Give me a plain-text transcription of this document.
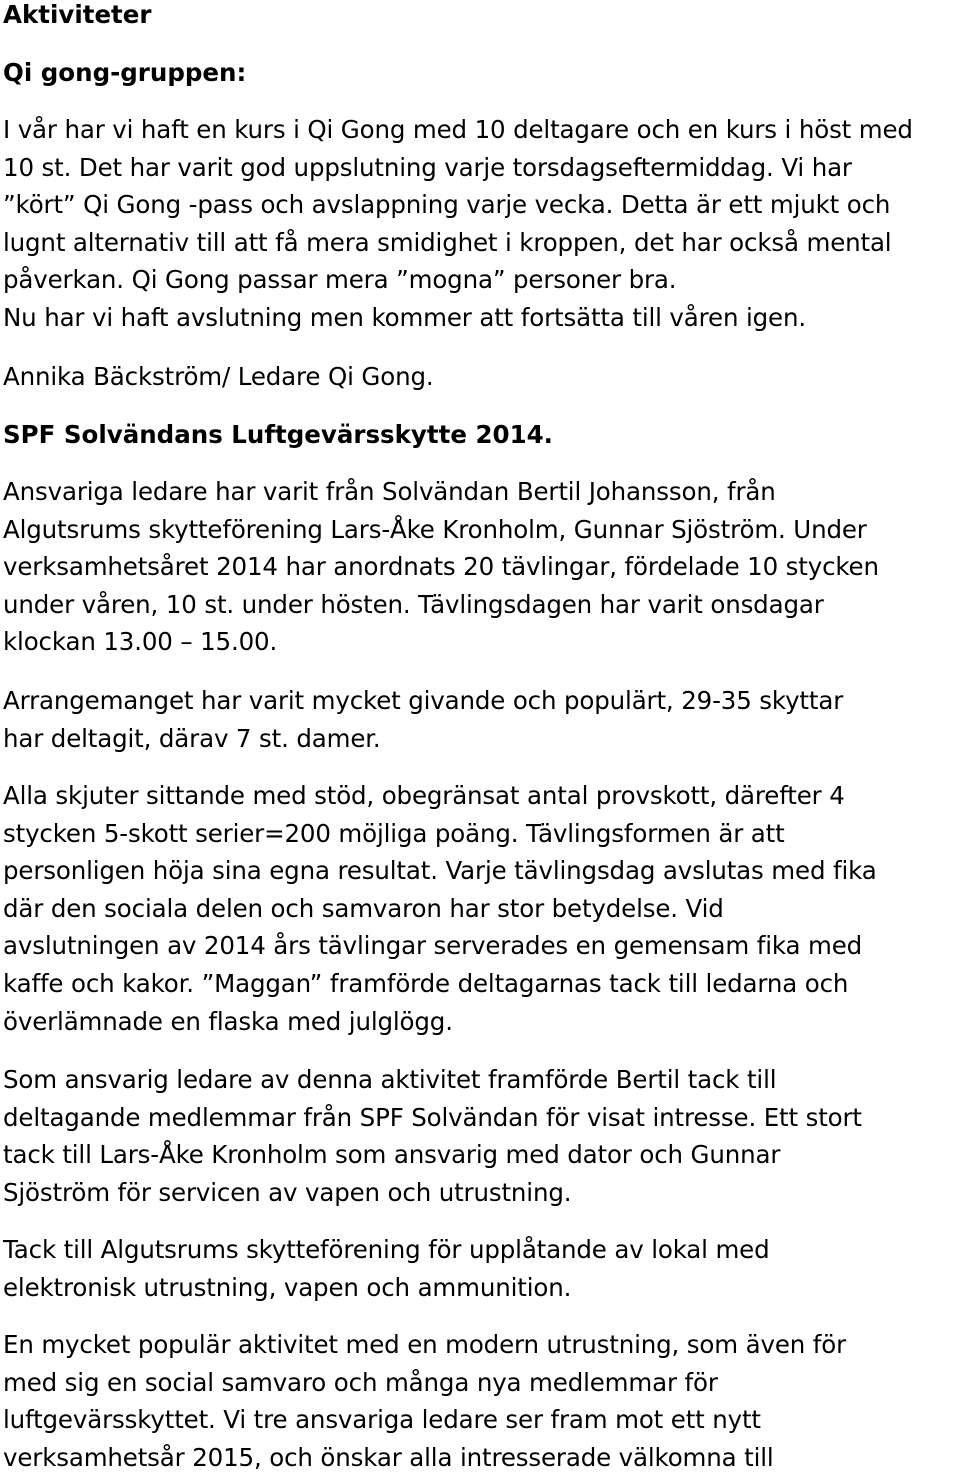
Aktiviteter
Qi gong-gruppen:
I vår har vi haft en kurs i Qi Gong med 10 deltagare och en kurs i höst med
10 st. Det har varit god uppslutning varje torsdagseftermiddag. Vi har
”kört” Qi Gong -pass och avslappning varje vecka. Detta är ett mjukt och
lugnt alternativ till att få mera smidighet i kroppen, det har också mental
påverkan. Qi Gong passar mera ”mogna” personer bra.
Nu har vi haft avslutning men kommer att fortsätta till våren igen.
Annika Bäckström/ Ledare Qi Gong.
SPF Solvändans Luftgevärsskytte 2014.
Ansvariga ledare har varit från Solvändan Bertil Johansson, från
Algutsrums skytteförening Lars-Åke Kronholm, Gunnar Sjöström. Under
verksamhetsåret 2014 har anordnats 20 tävlingar, fördelade 10 stycken
under våren, 10 st. under hösten. Tävlingsdagen har varit onsdagar
klockan 13.00 – 15.00.
Arrangemanget har varit mycket givande och populärt, 29-35 skyttar
har deltagit, därav 7 st. damer.
Alla skjuter sittande med stöd, obegränsat antal provskott, därefter 4
stycken 5-skott serier=200 möjliga poäng. Tävlingsformen är att
personligen höja sina egna resultat. Varje tävlingsdag avslutas med fika
där den sociala delen och samvaron har stor betydelse. Vid
avslutningen av 2014 års tävlingar serverades en gemensam fika med
kaffe och kakor. ”Maggan” framförde deltagarnas tack till ledarna och
överlämnade en flaska med julglögg.
Som ansvarig ledare av denna aktivitet framförde Bertil tack till
deltagande medlemmar från SPF Solvändan för visat intresse. Ett stort
tack till Lars-Åke Kronholm som ansvarig med dator och Gunnar
Sjöström för servicen av vapen och utrustning.
Tack till Algutsrums skytteförening för upplåtande av lokal med
elektronisk utrustning, vapen och ammunition.
En mycket populär aktivitet med en modern utrustning, som även för
med sig en social samvaro och många nya medlemmar för
luftgevärsskyttet. Vi tre ansvariga ledare ser fram mot ett nytt
verksamhetsår 2015, och önskar alla intresserade välkomna till
